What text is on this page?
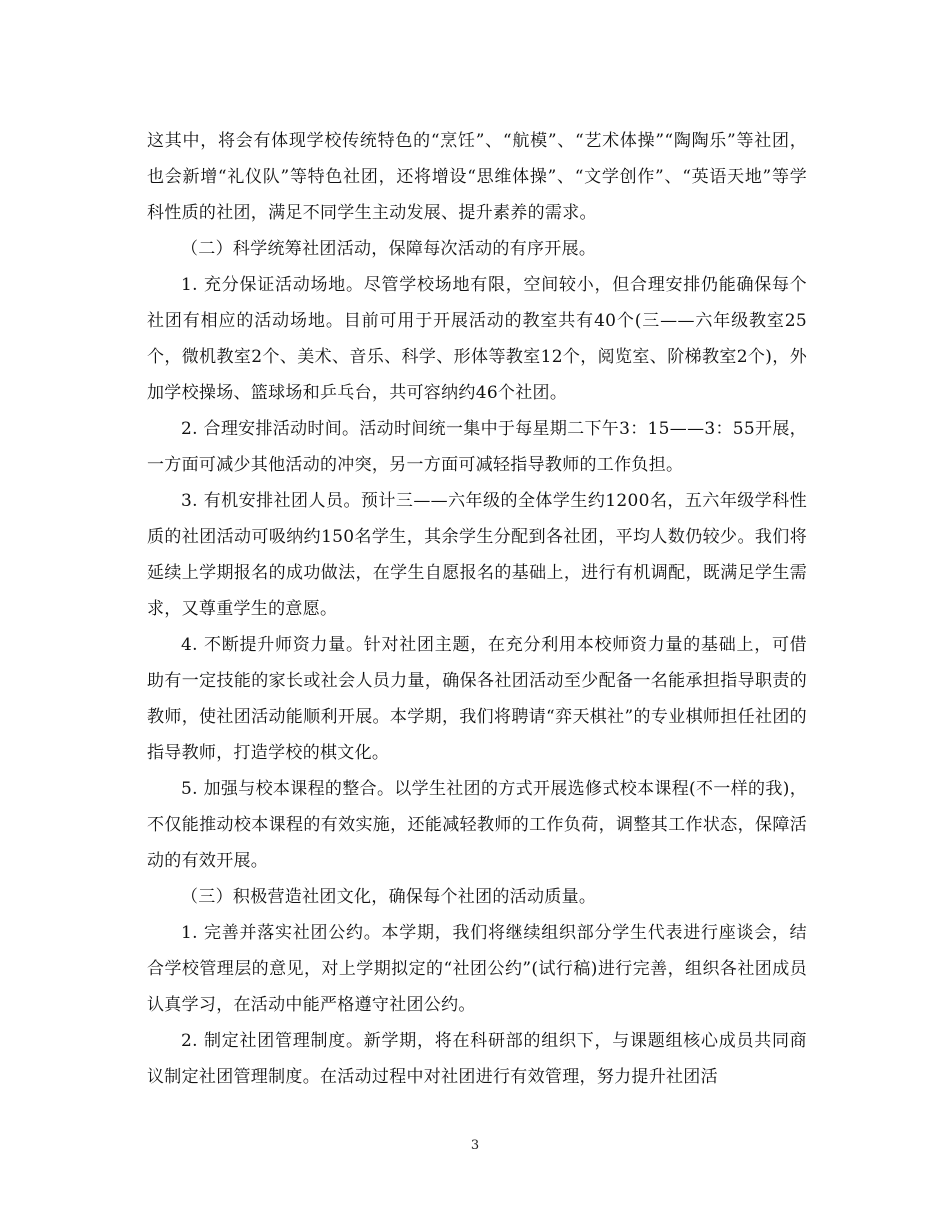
这其中，将会有体现学校传统特色的“烹饪”、“航模”、“艺术体操”“陶陶乐”等社团，也会新增“礼仪队”等特色社团，还将增设“思维体操”、“文学创作”、“英语天地”等学科性质的社团，满足不同学生主动发展、提升素养的需求。

（二）科学统筹社团活动，保障每次活动的有序开展。

1. 充分保证活动场地。尽管学校场地有限，空间较小，但合理安排仍能确保每个社团有相应的活动场地。目前可用于开展活动的教室共有40个(三——六年级教室25个，微机教室2个、美术、音乐、科学、形体等教室12个，阅览室、阶梯教室2个)，外加学校操场、篮球场和乒乓台，共可容纳约46个社团。

2. 合理安排活动时间。活动时间统一集中于每星期二下午3：15——3：55开展，一方面可减少其他活动的冲突，另一方面可减轻指导教师的工作负担。

3. 有机安排社团人员。预计三——六年级的全体学生约1200名，五六年级学科性质的社团活动可吸纳约150名学生，其余学生分配到各社团，平均人数仍较少。我们将延续上学期报名的成功做法，在学生自愿报名的基础上，进行有机调配，既满足学生需求，又尊重学生的意愿。

4. 不断提升师资力量。针对社团主题，在充分利用本校师资力量的基础上，可借助有一定技能的家长或社会人员力量，确保各社团活动至少配备一名能承担指导职责的教师，使社团活动能顺利开展。本学期，我们将聘请“弈天棋社”的专业棋师担任社团的指导教师，打造学校的棋文化。

5. 加强与校本课程的整合。以学生社团的方式开展选修式校本课程(不一样的我)，不仅能推动校本课程的有效实施，还能减轻教师的工作负荷，调整其工作状态，保障活动的有效开展。

（三）积极营造社团文化，确保每个社团的活动质量。

1. 完善并落实社团公约。本学期，我们将继续组织部分学生代表进行座谈会，结合学校管理层的意见，对上学期拟定的“社团公约”(试行稿)进行完善，组织各社团成员认真学习，在活动中能严格遵守社团公约。

2. 制定社团管理制度。新学期，将在科研部的组织下，与课题组核心成员共同商议制定社团管理制度。在活动过程中对社团进行有效管理，努力提升社团活

3
